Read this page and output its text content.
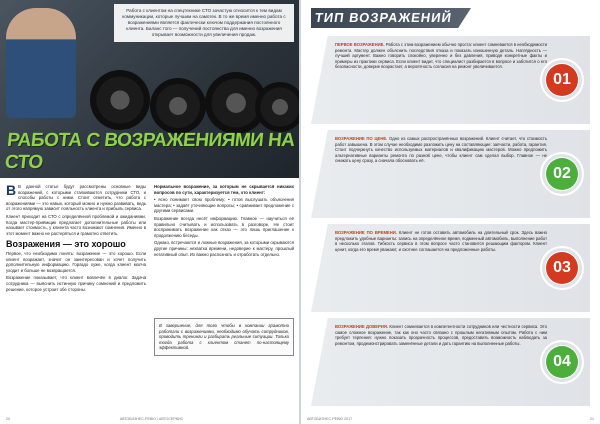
Работа с клиентом на спецтехнике СТО зачастую относится к тем видам коммуникации, которые лучшим на самотек. В то же время именно работа с возражениями является фактически ключом поддержания постоянного клиента. Баланс того — получений постоянства для именно возражения открывает возможности для увеличения продаж.
РАБОТА С ВОЗРАЖЕНИЯМИ НА СТО

В В данной статье будут рассмотрены основные виды возражений, с которыми сталкиваются сотрудники СТО, и способы работы с ними. Стоит отметить, что работа с возражениями — это навык, который можно и нужно развивать, ведь от этого напрямую зависит лояльность клиента и прибыль сервиса.

Клиент приходит на СТО с определённой проблемой и ожиданиями. Когда мастер-приёмщик предлагает дополнительные работы или называет стоимость, у клиента часто возникают сомнения. Именно в этот момент важно не растеряться и грамотно ответить.

Возражения — это хорошо

Первое, что необходимо понять: возражение — это хорошо. Если клиент возражает, значит он заинтересован и хочет получить дополнительную информацию. Гораздо хуже, когда клиент молча уходит и больше не возвращается.

Возражение показывает, что клиент вовлечён в диалог. Задача сотрудника — выяснить истинную причину сомнений и предложить решение, которое устроит обе стороны.

Нормальное возражение, за которым не скрывается никаких вопросов по сути, характеризуется тем, что клиент:

• ясно понимает свою проблему; • готов выслушать объяснения мастера; • задаёт уточняющие вопросы; • сравнивает предложение с другими сервисами.

Возражение всегда несёт информацию. Главное — научиться её правильно считывать и использовать в разговоре. Не стоит воспринимать возражение как отказ — это лишь приглашение к продолжению беседы.

Однако, встречаются и ложные возражения, за которыми скрываются другие причины: нехватка времени, недоверие к мастеру, прошлый негативный опыт. Их важно распознать и отработать отдельно.

В завершение, для того чтобы в компании грамотно работали с возражениями, необходимо обучать сотрудников, проводить тренинги и разбирать реальные ситуации. Только тогда работа с клиентом станет по-настоящему эффективной.
20	АВТОБИЗНЕС-РЕВЮ / АВТОСЕРВИС
ТИП ВОЗРАЖЕНИЙ
ПЕРВОЕ ВОЗРАЖЕНИЕ. Работа с этим возражением обычно проста: клиент сомневается в необходимости ремонта. Мастер должен объяснить последствия отказа и показать изношенную деталь. Наглядность — лучший аргумент. Важно говорить спокойно, уверенно и без давления, приводя конкретные факты и примеры из практики сервиса. Если клиент видит, что специалист разбирается в вопросе и заботится о его безопасности, доверие возрастает, а вероятность согласия на ремонт увеличивается.
01
ВОЗРАЖЕНИЕ ПО ЦЕНЕ. Одно из самых распространённых возражений. Клиент считает, что стоимость работ завышена. В этом случае необходимо разложить цену на составляющие: запчасти, работа, гарантия. Стоит подчеркнуть качество используемых материалов и квалификацию мастеров. Можно предложить альтернативные варианты ремонта по разной цене, чтобы клиент сам сделал выбор. Главное — не снижать цену сразу, а сначала обосновать её.
02
ВОЗРАЖЕНИЕ ПО ВРЕМЕНИ. Клиент не готов оставить автомобиль на длительный срок. Здесь важно предложить удобные варианты: запись на определённое время, подменный автомобиль, выполнение работ в несколько этапов. Гибкость сервиса в этом вопросе часто становится решающим фактором. Клиент ценит, когда его время уважают, и охотнее соглашается на предложенные работы.
03
ВОЗРАЖЕНИЕ ДОВЕРИЯ. Клиент сомневается в компетентности сотрудников или честности сервиса. Это самое сложное возражение, так как оно часто связано с прошлым негативным опытом. Работа с ним требует терпения: нужно показать прозрачность процессов, предоставить возможность наблюдать за ремонтом, продемонстрировать заменённые детали и дать гарантию на выполненные работы.
04
АВТОБИЗНЕС-РЕВЮ 2017	21
